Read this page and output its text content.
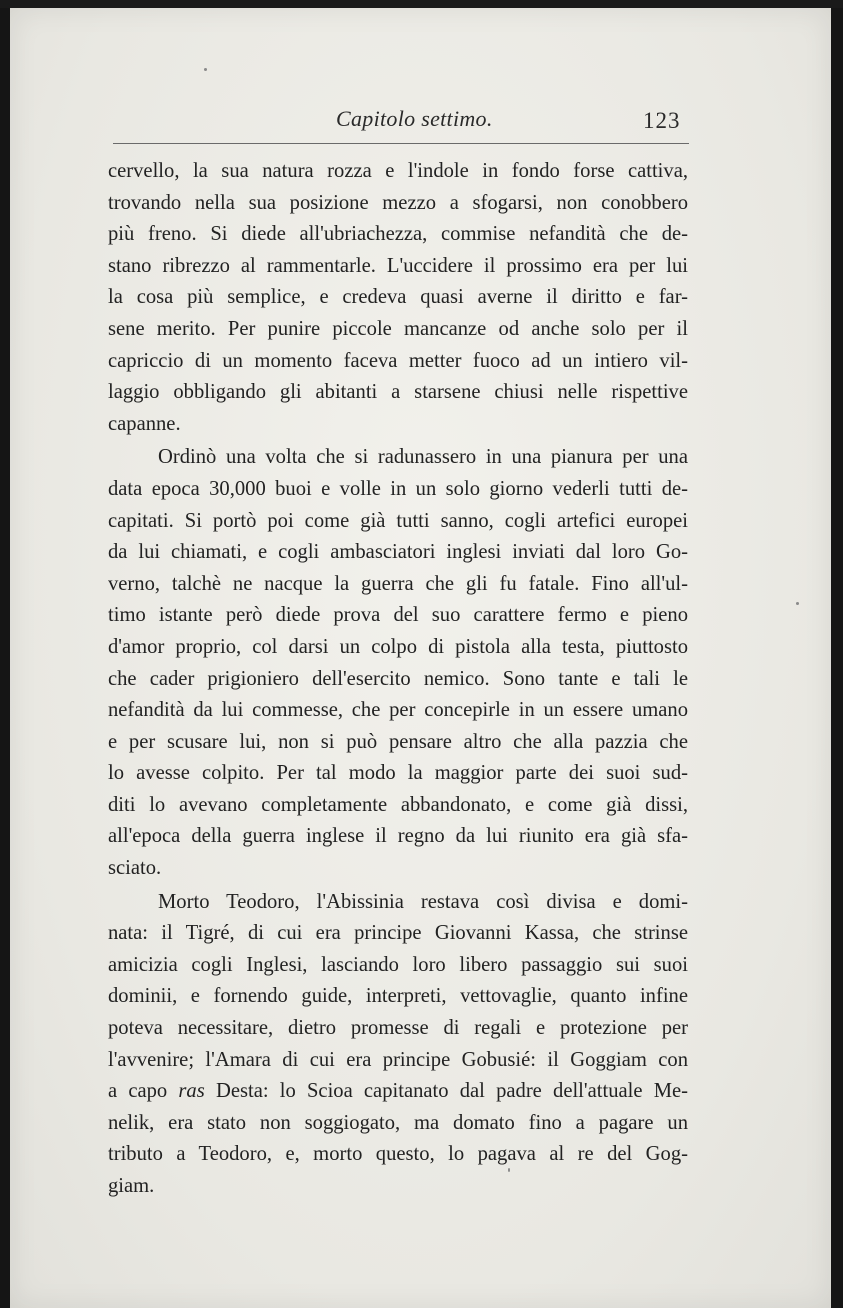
Capitolo settimo.	123

cervello, la sua natura rozza e l'indole in fondo forse cattiva,
trovando nella sua posizione mezzo a sfogarsi, non conobbero
più freno. Si diede all'ubriachezza, commise nefandità che de-
stano ribrezzo al rammentarle. L'uccidere il prossimo era per lui
la cosa più semplice, e credeva quasi averne il diritto e far-
sene merito. Per punire piccole mancanze od anche solo per il
capriccio di un momento faceva metter fuoco ad un intiero vil-
laggio obbligando gli abitanti a starsene chiusi nelle rispettive
capanne.

Ordinò una volta che si radunassero in una pianura per una
data epoca 30,000 buoi e volle in un solo giorno vederli tutti de-
capitati. Si portò poi come già tutti sanno, cogli artefici europei
da lui chiamati, e cogli ambasciatori inglesi inviati dal loro Go-
verno, talchè ne nacque la guerra che gli fu fatale. Fino all'ul-
timo istante però diede prova del suo carattere fermo e pieno
d'amor proprio, col darsi un colpo di pistola alla testa, piuttosto
che cader prigioniero dell'esercito nemico. Sono tante e tali le
nefandità da lui commesse, che per concepirle in un essere umano
e per scusare lui, non si può pensare altro che alla pazzia che
lo avesse colpito. Per tal modo la maggior parte dei suoi sud-
diti lo avevano completamente abbandonato, e come già dissi,
all'epoca della guerra inglese il regno da lui riunito era già sfa-
sciato.

Morto Teodoro, l'Abissinia restava così divisa e domi-
nata: il Tigré, di cui era principe Giovanni Kassa, che strinse
amicizia cogli Inglesi, lasciando loro libero passaggio sui suoi
dominii, e fornendo guide, interpreti, vettovaglie, quanto infine
poteva necessitare, dietro promesse di regali e protezione per
l'avvenire; l'Amara di cui era principe Gobusié: il Goggiam con
a capo ras Desta: lo Scioa capitanato dal padre dell'attuale Me-
nelik, era stato non soggiogato, ma domato fino a pagare un
tributo a Teodoro, e, morto questo, lo pagava al re del Gog-
giam.
